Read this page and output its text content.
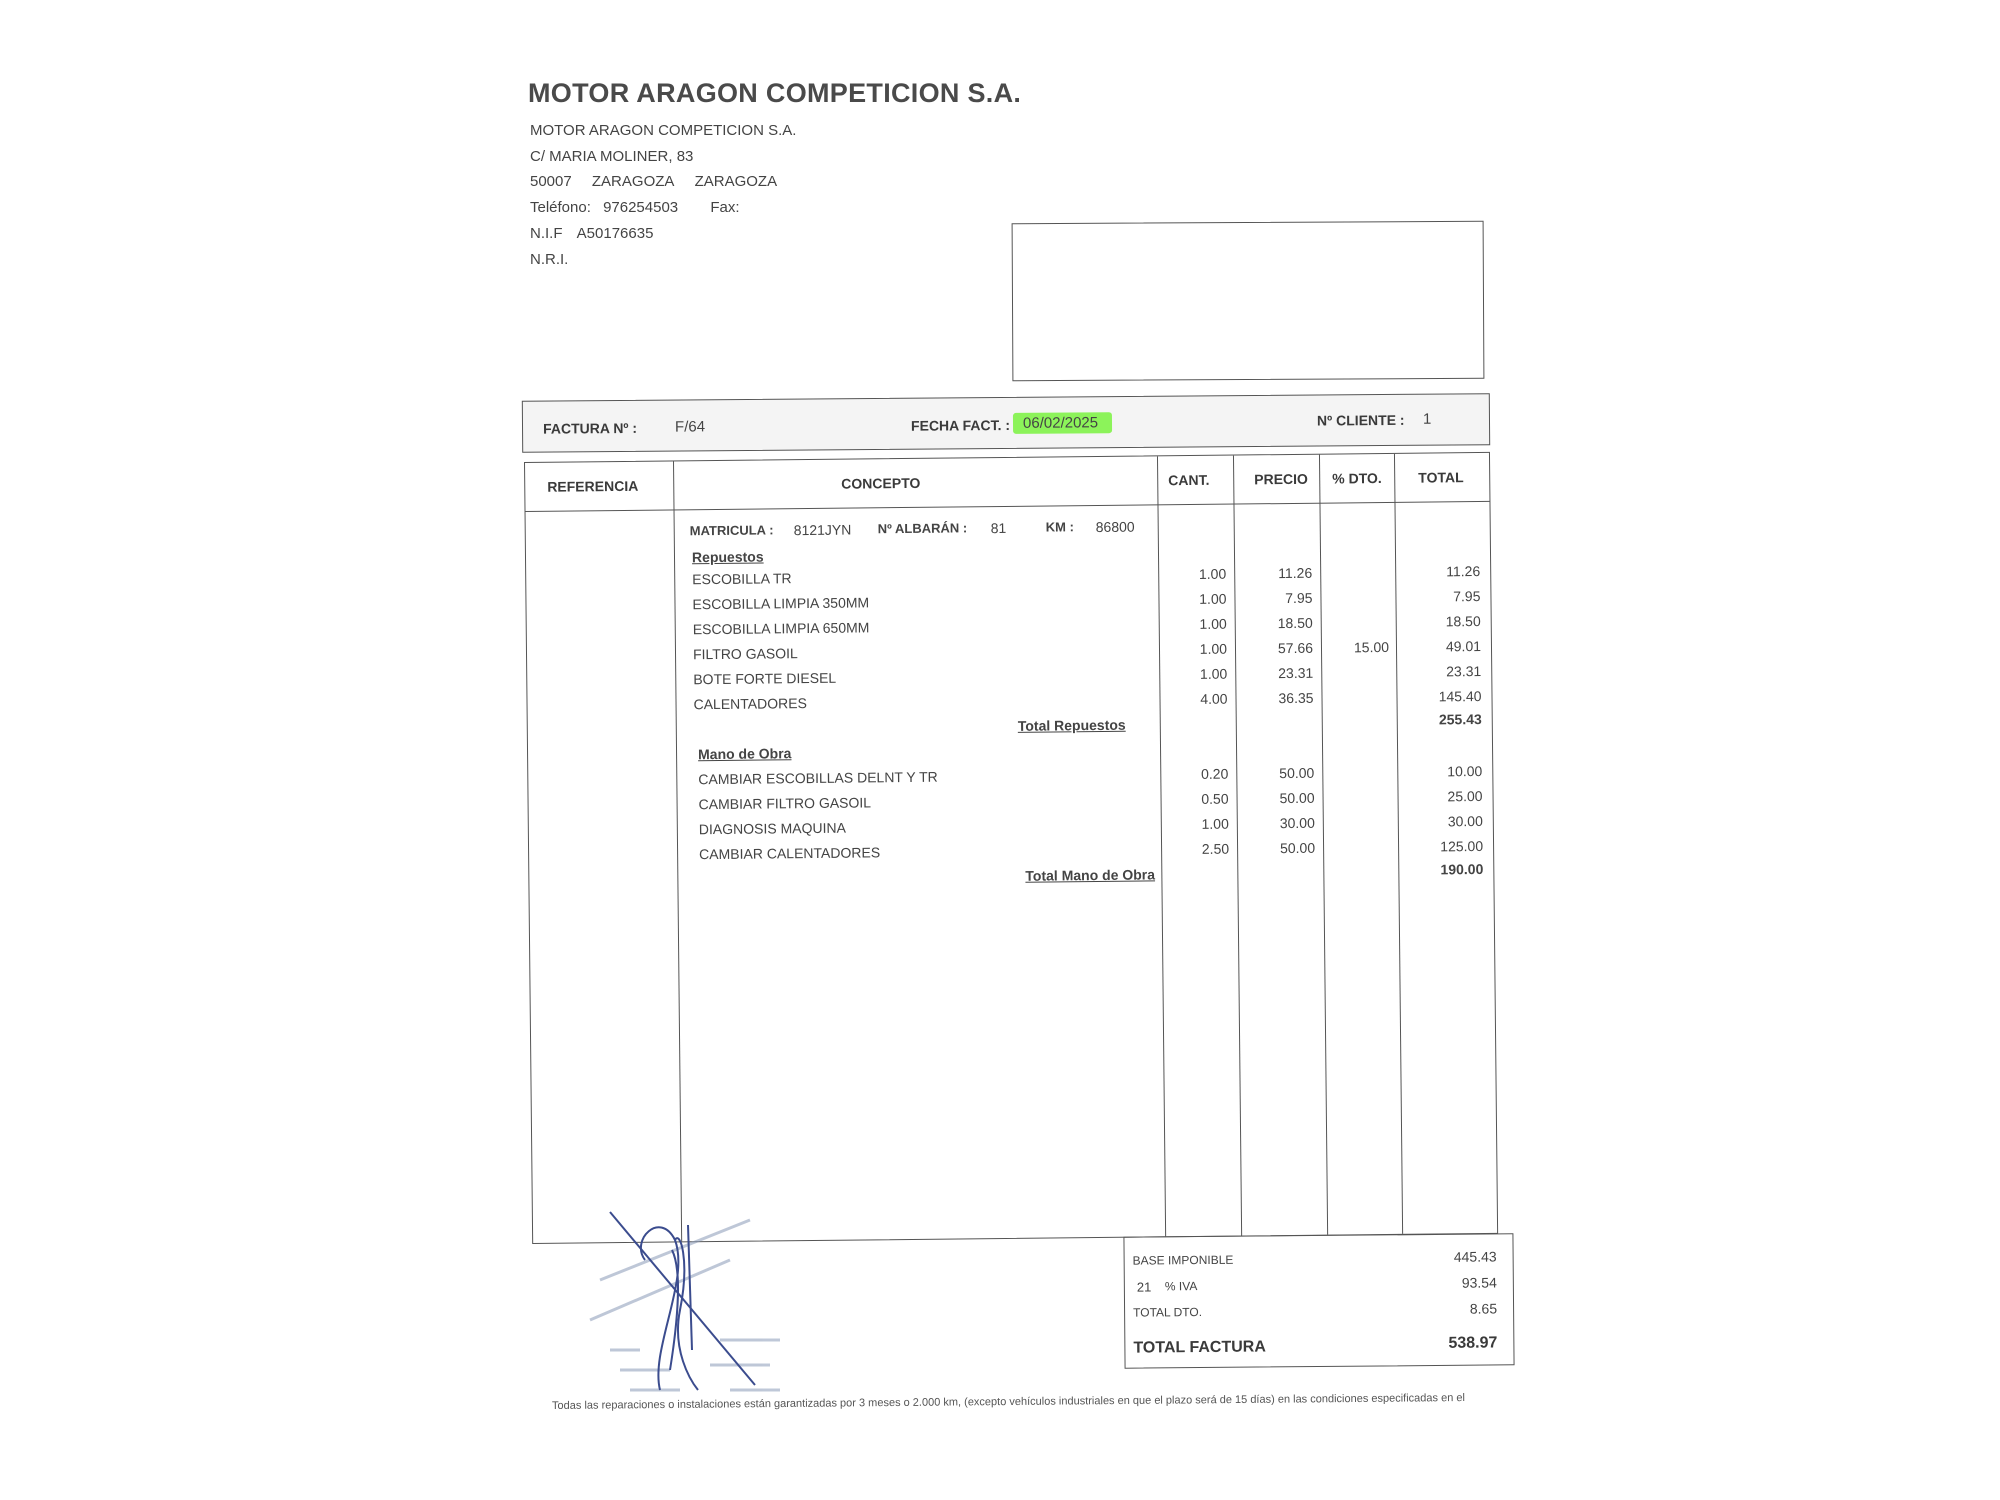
MOTOR ARAGON COMPETICION S.A.
MOTOR ARAGON COMPETICION S.A.
C/ MARIA MOLINER, 83
50007 ZARAGOZA ZARAGOZA
Teléfono: 976254503 Fax:
N.I.F A50176635
N.R.I.
FACTURA Nº :	F/64	FECHA FACT. : 06/02/2025	Nº CLIENTE : 1
REFERENCIA	CONCEPTO	CANT.	PRECIO % DTO.	TOTAL
MATRICULA : 8121JYN Nº ALBARÁN : 81	KM : 86800
Repuestos
ESCOBILLA TR	1.00	11.26	11.26
ESCOBILLA LIMPIA 350MM	1.00	7.95	7.95
ESCOBILLA LIMPIA 650MM	1.00	18.50	18.50
FILTRO GASOIL	1.00	57.66	15.00	49.01
BOTE FORTE DIESEL	1.00	23.31	23.31
CALENTADORES	4.00	36.35	145.40
Total Repuestos	255.43
Mano de Obra
CAMBIAR ESCOBILLAS DELNT Y TR	0.20	50.00	10.00
CAMBIAR FILTRO GASOIL	0.50	50.00	25.00
DIAGNOSIS MAQUINA	1.00	30.00	30.00
CAMBIAR CALENTADORES	2.50	50.00	125.00
Total Mano de Obra	190.00
BASE IMPONIBLE	445.43
21 % IVA	93.54
TOTAL DTO.	8.65
TOTAL FACTURA	538.97
Todas las reparaciones o instalaciones están garantizadas por 3 meses o 2.000 km, (excepto vehículos industriales en que el plazo será de 15 días) en las condiciones especificadas en el
